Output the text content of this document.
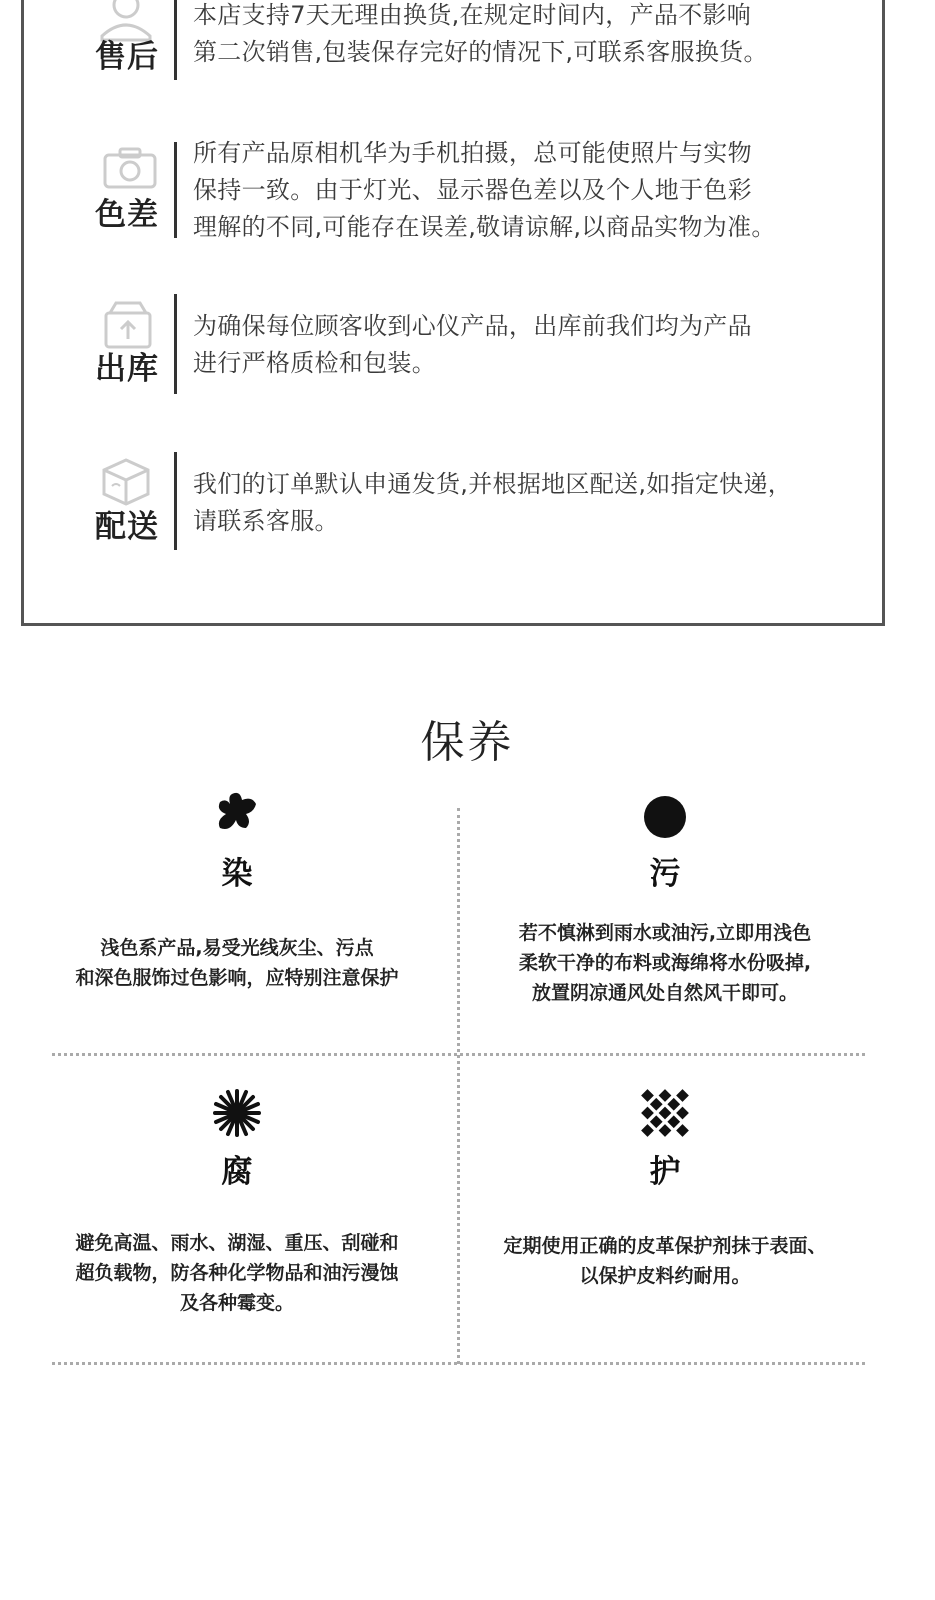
售后
本店支持7天无理由换货,在规定时间内，产品不影响
第二次销售,包装保存完好的情况下,可联系客服换货。
色差
所有产品原相机华为手机拍摄，总可能使照片与实物
保持一致。由于灯光、显示器色差以及个人地于色彩
理解的不同,可能存在误差,敬请谅解,以商品实物为准。
出库
为确保每位顾客收到心仪产品，出库前我们均为产品
进行严格质检和包装。
配送
我们的订单默认申通发货,并根据地区配送,如指定快递，
请联系客服。
保养
染
浅色系产品,易受光线灰尘、污点
和深色服饰过色影响，应特别注意保护
污
若不慎淋到雨水或油污,立即用浅色
柔软干净的布料或海绵将水份吸掉,
放置阴凉通风处自然风干即可。
腐
避免高温、雨水、湖湿、重压、刮碰和
超负载物，防各种化学物品和油污漫蚀
及各种霉变。
护
定期使用正确的皮革保护剂抹于表面、
以保护皮料约耐用。
